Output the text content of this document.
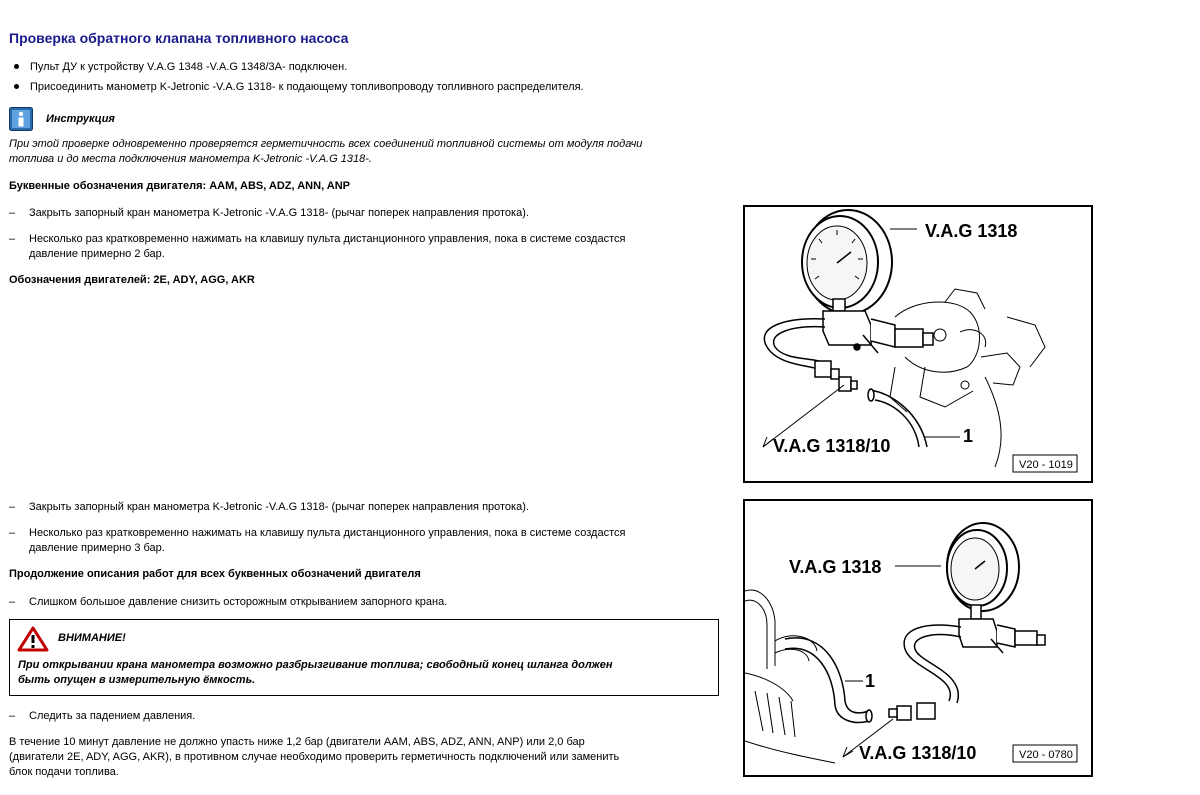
Проверка обратного клапана топливного насоса
Пульт ДУ к устройству V.A.G 1348 -V.A.G 1348/3A- подключен.
Присоединить манометр K-Jetronic -V.A.G 1318- к подающему топливопроводу топливного распределителя.
Инструкция
При этой проверке одновременно проверяется герметичность всех соединений топливной системы от модуля подачи
топлива и до места подключения манометра K-Jetronic -V.A.G 1318-.
Буквенные обозначения двигателя: AAM, ABS, ADZ, ANN, ANP
– Закрыть запорный кран манометра K-Jetronic -V.A.G 1318- (рычаг поперек направления протока).
– Несколько раз кратковременно нажимать на клавишу пульта дистанционного управления, пока в системе создастся
давление примерно 2 бар.
Обозначения двигателей: 2E, ADY, AGG, AKR
V.A.G 1318
V.A.G 1318/10	1
V20 - 1019
– Закрыть запорный кран манометра K-Jetronic -V.A.G 1318- (рычаг поперек направления протока).
– Несколько раз кратковременно нажимать на клавишу пульта дистанционного управления, пока в системе создастся
давление примерно 3 бар.
Продолжение описания работ для всех буквенных обозначений двигателя
– Слишком большое давление снизить осторожным открыванием запорного крана.
ВНИМАНИЕ!
При открывании крана манометра возможно разбрызгивание топлива; свободный конец шланга должен
быть опущен в измерительную ёмкость.
V.A.G 1318
1
V.A.G 1318/10	V20 - 0780
– Следить за падением давления.
В течение 10 минут давление не должно упасть ниже 1,2 бар (двигатели AAM, ABS, ADZ, ANN, ANP) или 2,0 бар
(двигатели 2E, ADY, AGG, AKR), в противном случае необходимо проверить герметичность подключений или заменить
блок подачи топлива.
